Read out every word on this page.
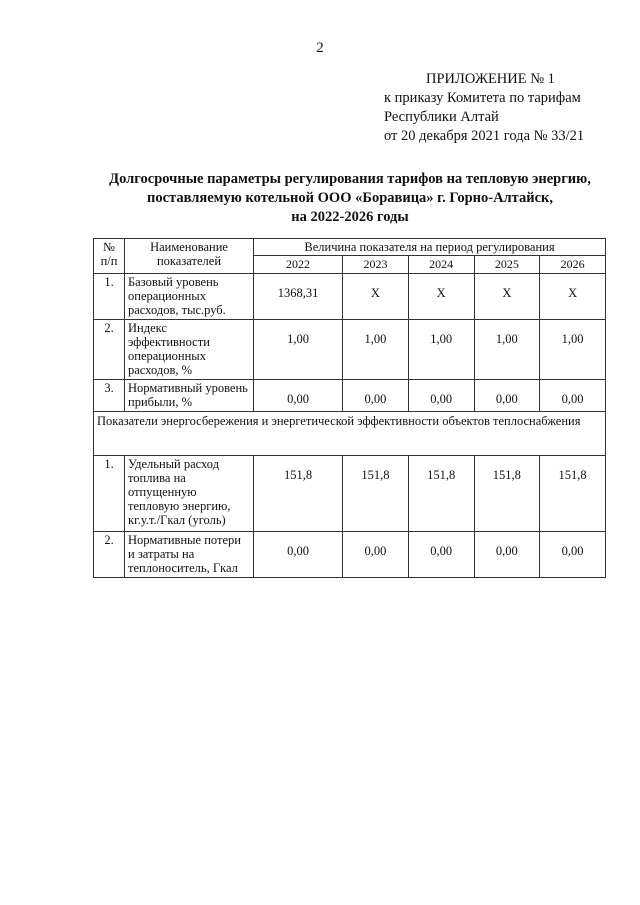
2
ПРИЛОЖЕНИЕ № 1
к приказу Комитета по тарифам
Республики Алтай
от 20 декабря 2021 года № 33/21
Долгосрочные параметры регулирования тарифов на тепловую энергию,
поставляемую котельной ООО «Боравица» г. Горно-Алтайск,
на 2022-2026 годы
№ п/п	Наименование показателей	Величина показателя на период регулирования				
		2022	2023	2024	2025	2026
1.	Базовый уровень операционных расходов, тыс.руб.	1368,31	Х	Х	Х	Х
2.	Индекс эффективности операционных расходов, %	1,00	1,00	1,00	1,00	1,00
3.	Нормативный уровень прибыли, %	0,00	0,00	0,00	0,00	0,00
Показатели энергосбережения и энергетической эффективности объектов теплоснабжения						
1.	Удельный расход топлива на отпущенную тепловую энергию, кг.у.т./Гкал (уголь)	151,8	151,8	151,8	151,8	151,8
2.	Нормативные потери и затраты на теплоноситель, Гкал	0,00	0,00	0,00	0,00	0,00
